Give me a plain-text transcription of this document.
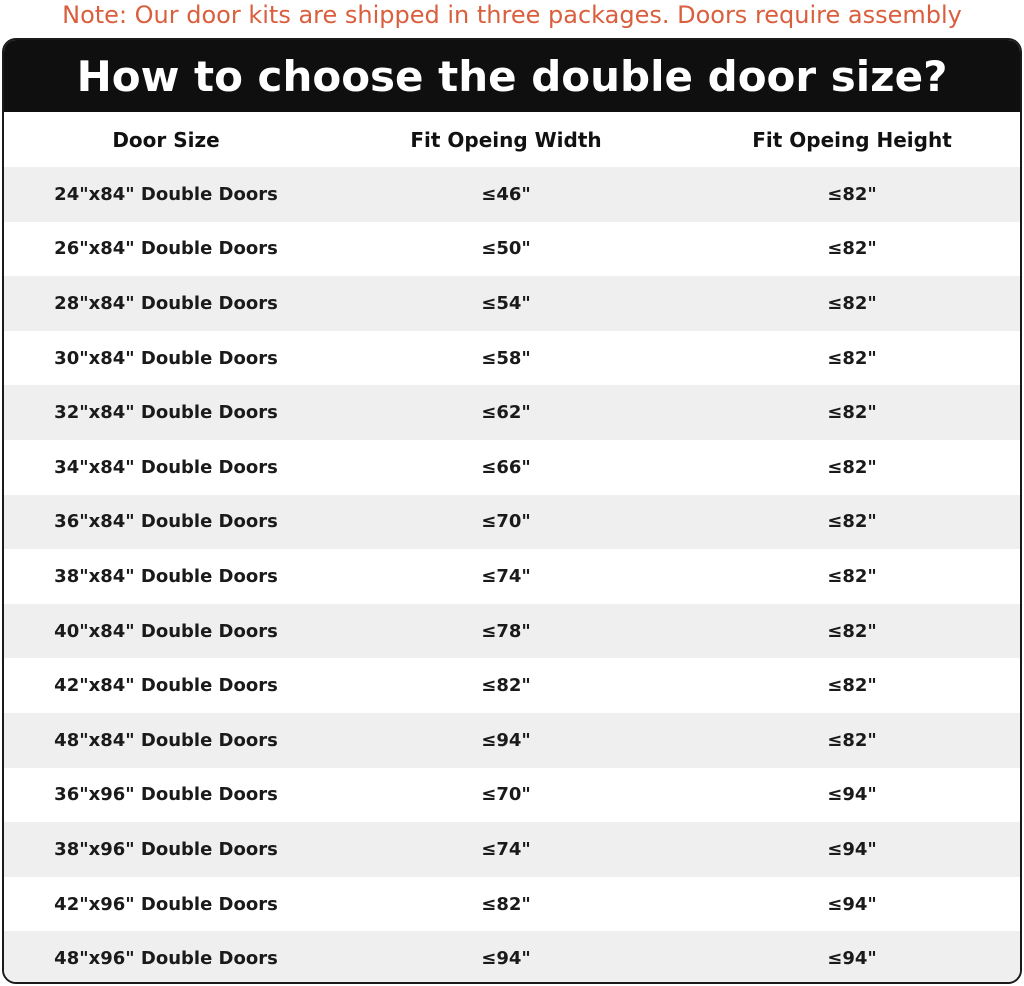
Note: Our door kits are shipped in three packages. Doors require assembly
How to choose the double door size?
Door Size	Fit Opeing Width	Fit Opeing Height
24"x84" Double Doors	≤46"	≤82"
26"x84" Double Doors	≤50"	≤82"
28"x84" Double Doors	≤54"	≤82"
30"x84" Double Doors	≤58"	≤82"
32"x84" Double Doors	≤62"	≤82"
34"x84" Double Doors	≤66"	≤82"
36"x84" Double Doors	≤70"	≤82"
38"x84" Double Doors	≤74"	≤82"
40"x84" Double Doors	≤78"	≤82"
42"x84" Double Doors	≤82"	≤82"
48"x84" Double Doors	≤94"	≤82"
36"x96" Double Doors	≤70"	≤94"
38"x96" Double Doors	≤74"	≤94"
42"x96" Double Doors	≤82"	≤94"
48"x96" Double Doors	≤94"	≤94"
